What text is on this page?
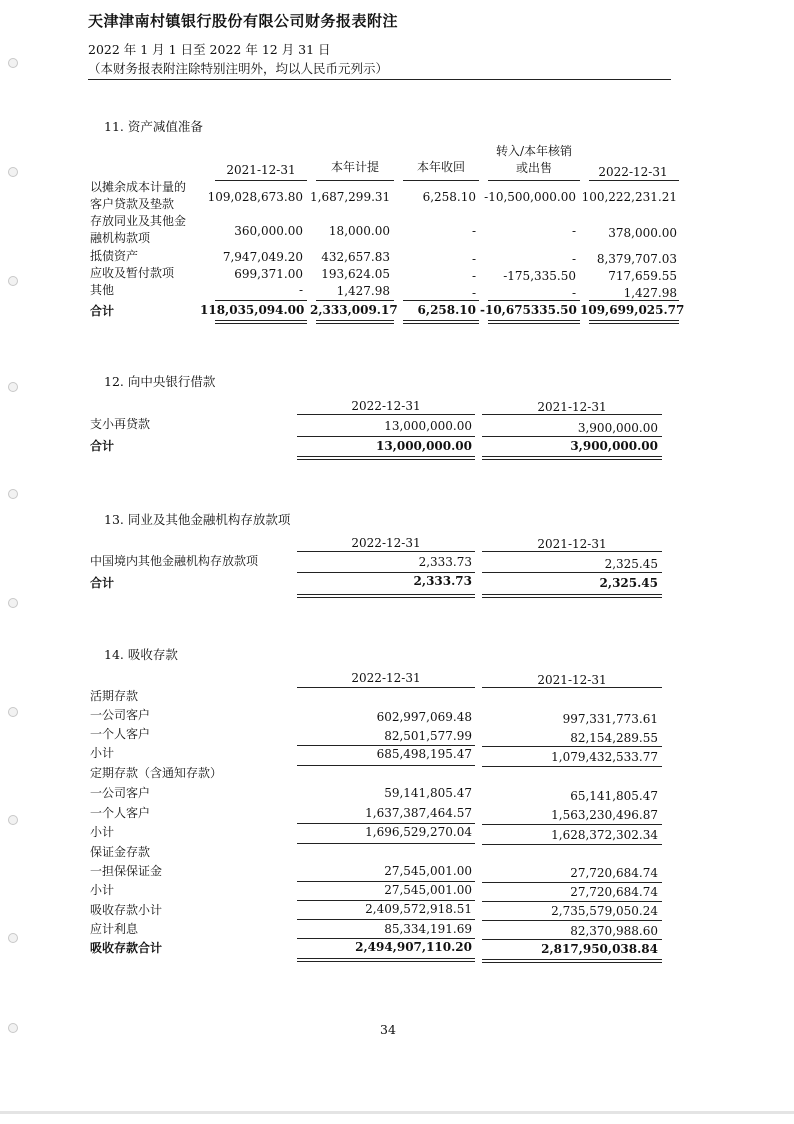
天津津南村镇银行股份有限公司财务报表附注
2022 年 1 月 1 日至 2022 年 12 月 31 日
（本财务报表附注除特别注明外，均以人民币元列示）
11. 资产减值准备
2021-12-31	本年计提	本年收回
转入/本年核销
或出售	2022-12-31
以摊余成本计量的
客户贷款及垫款	109,028,673.80 1,687,299.31	6,258.10 -10,500,000.00 100,222,231.21
存放同业及其他金
融机构款项	360,000.00	18,000.00	-	-	378,000.00
抵债资产	7,947,049.20	432,657.83	-	-	8,379,707.03
应收及暂付款项	699,371.00	193,624.05	-	-175,335.50	717,659.55
其他	-	1,427.98	-	-	1,427.98
合计	118,035,094.00 2,333,009.17	6,258.10 -10,675335.50 109,699,025.77
12. 向中央银行借款
2022-12-31	2021-12-31
支小再贷款	13,000,000.00	3,900,000.00
合计	13,000,000.00	3,900,000.00
13. 同业及其他金融机构存放款项
2022-12-31	2021-12-31
中国境内其他金融机构存放款项	2,333.73	2,325.45
合计	2,333.73	2,325.45
14. 吸收存款
2022-12-31	2021-12-31
活期存款
一公司客户	602,997,069.48	997,331,773.61
一个人客户	82,501,577.99	82,154,289.55
小计	685,498,195.47	1,079,432,533.77
定期存款（含通知存款）
一公司客户	59,141,805.47	65,141,805.47
一个人客户	1,637,387,464.57	1,563,230,496.87
小计	1,696,529,270.04	1,628,372,302.34
保证金存款
一担保保证金	27,545,001.00	27,720,684.74
小计	27,545,001.00	27,720,684.74
吸收存款小计	2,409,572,918.51	2,735,579,050.24
应计利息	85,334,191.69	82,370,988.60
吸收存款合计	2,494,907,110.20	2,817,950,038.84
34
